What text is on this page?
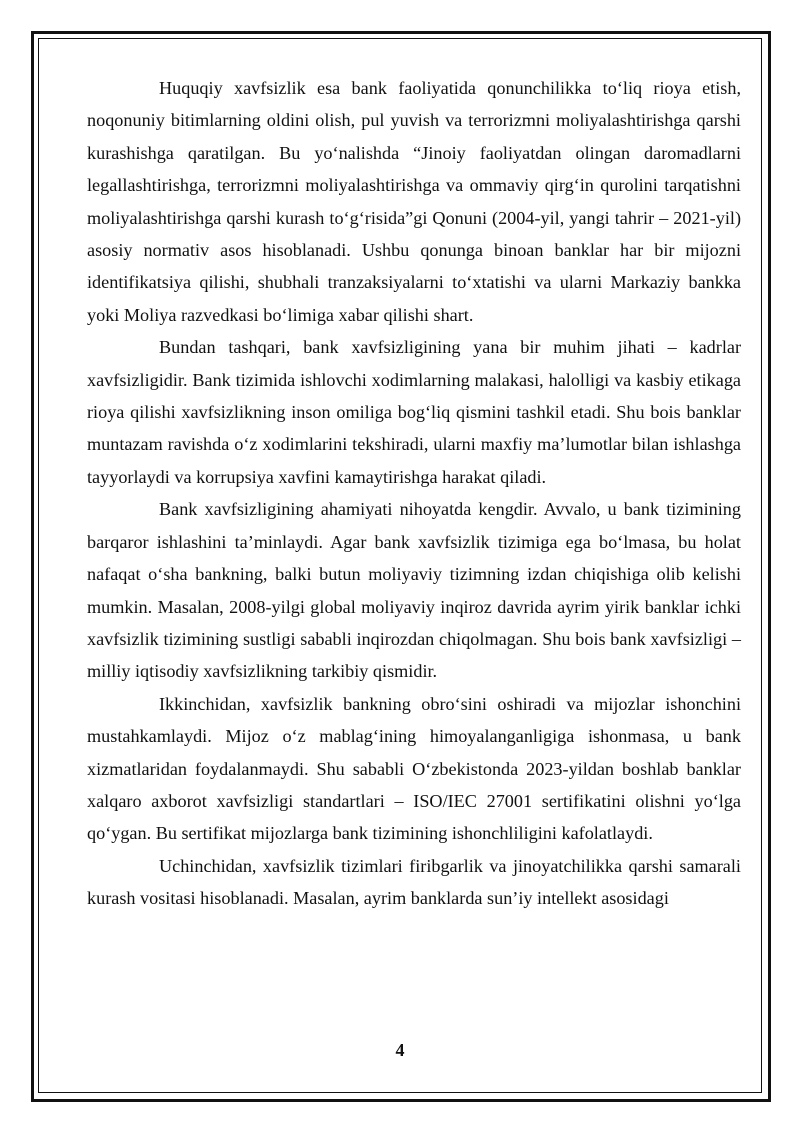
Huquqiy xavfsizlik esa bank faoliyatida qonunchilikka to‘liq rioya etish, noqonuniy bitimlarning oldini olish, pul yuvish va terrorizmni moliyalashtirishga qarshi kurashishga qaratilgan. Bu yo‘nalishda “Jinoiy faoliyatdan olingan daromadlarni legallashtirishga, terrorizmni moliyalashtirishga va ommaviy qirg‘in qurolini tarqatishni moliyalashtirishga qarshi kurash to‘g‘risida”gi Qonuni (2004-yil, yangi tahrir – 2021-yil) asosiy normativ asos hisoblanadi. Ushbu qonunga binoan banklar har bir mijozni identifikatsiya qilishi, shubhali tranzaksiyalarni to‘xtatishi va ularni Markaziy bankka yoki Moliya razvedkasi bo‘limiga xabar qilishi shart.

Bundan tashqari, bank xavfsizligining yana bir muhim jihati – kadrlar xavfsizligidir. Bank tizimida ishlovchi xodimlarning malakasi, halolligi va kasbiy etikaga rioya qilishi xavfsizlikning inson omiliga bog‘liq qismini tashkil etadi. Shu bois banklar muntazam ravishda o‘z xodimlarini tekshiradi, ularni maxfiy ma’lumotlar bilan ishlashga tayyorlaydi va korrupsiya xavfini kamaytirishga harakat qiladi.

Bank xavfsizligining ahamiyati nihoyatda kengdir. Avvalo, u bank tizimining barqaror ishlashini ta’minlaydi. Agar bank xavfsizlik tizimiga ega bo‘lmasa, bu holat nafaqat o‘sha bankning, balki butun moliyaviy tizimning izdan chiqishiga olib kelishi mumkin. Masalan, 2008-yilgi global moliyaviy inqiroz davrida ayrim yirik banklar ichki xavfsizlik tizimining sustligi sababli inqirozdan chiqolmagan. Shu bois bank xavfsizligi – milliy iqtisodiy xavfsizlikning tarkibiy qismidir.

Ikkinchidan, xavfsizlik bankning obro‘sini oshiradi va mijozlar ishonchini mustahkamlaydi. Mijoz o‘z mablag‘ining himoyalanganligiga ishonmasa, u bank xizmatlaridan foydalanmaydi. Shu sababli O‘zbekistonda 2023-yildan boshlab banklar xalqaro axborot xavfsizligi standartlari – ISO/IEC 27001 sertifikatini olishni yo‘lga qo‘ygan. Bu sertifikat mijozlarga bank tizimining ishonchliligini kafolatlaydi.

Uchinchidan, xavfsizlik tizimlari firibgarlik va jinoyatchilikka qarshi samarali kurash vositasi hisoblanadi. Masalan, ayrim banklarda sun’iy intellekt asosidagi

4
